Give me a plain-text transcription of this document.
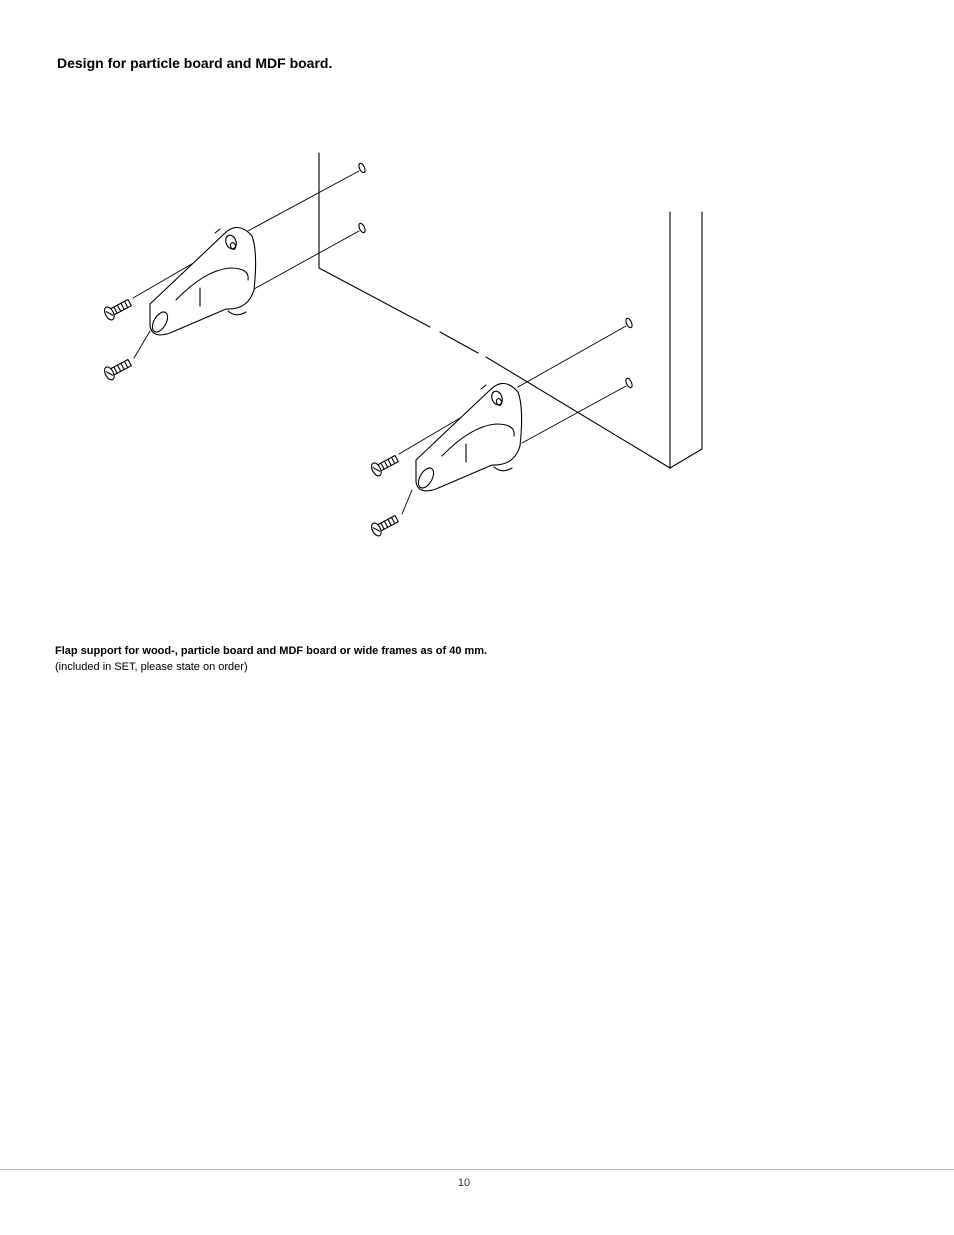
Design for particle board and MDF board.
Flap support for wood-, particle board and MDF board or wide frames as of 40 mm.
(included in SET, please state on order)
10
